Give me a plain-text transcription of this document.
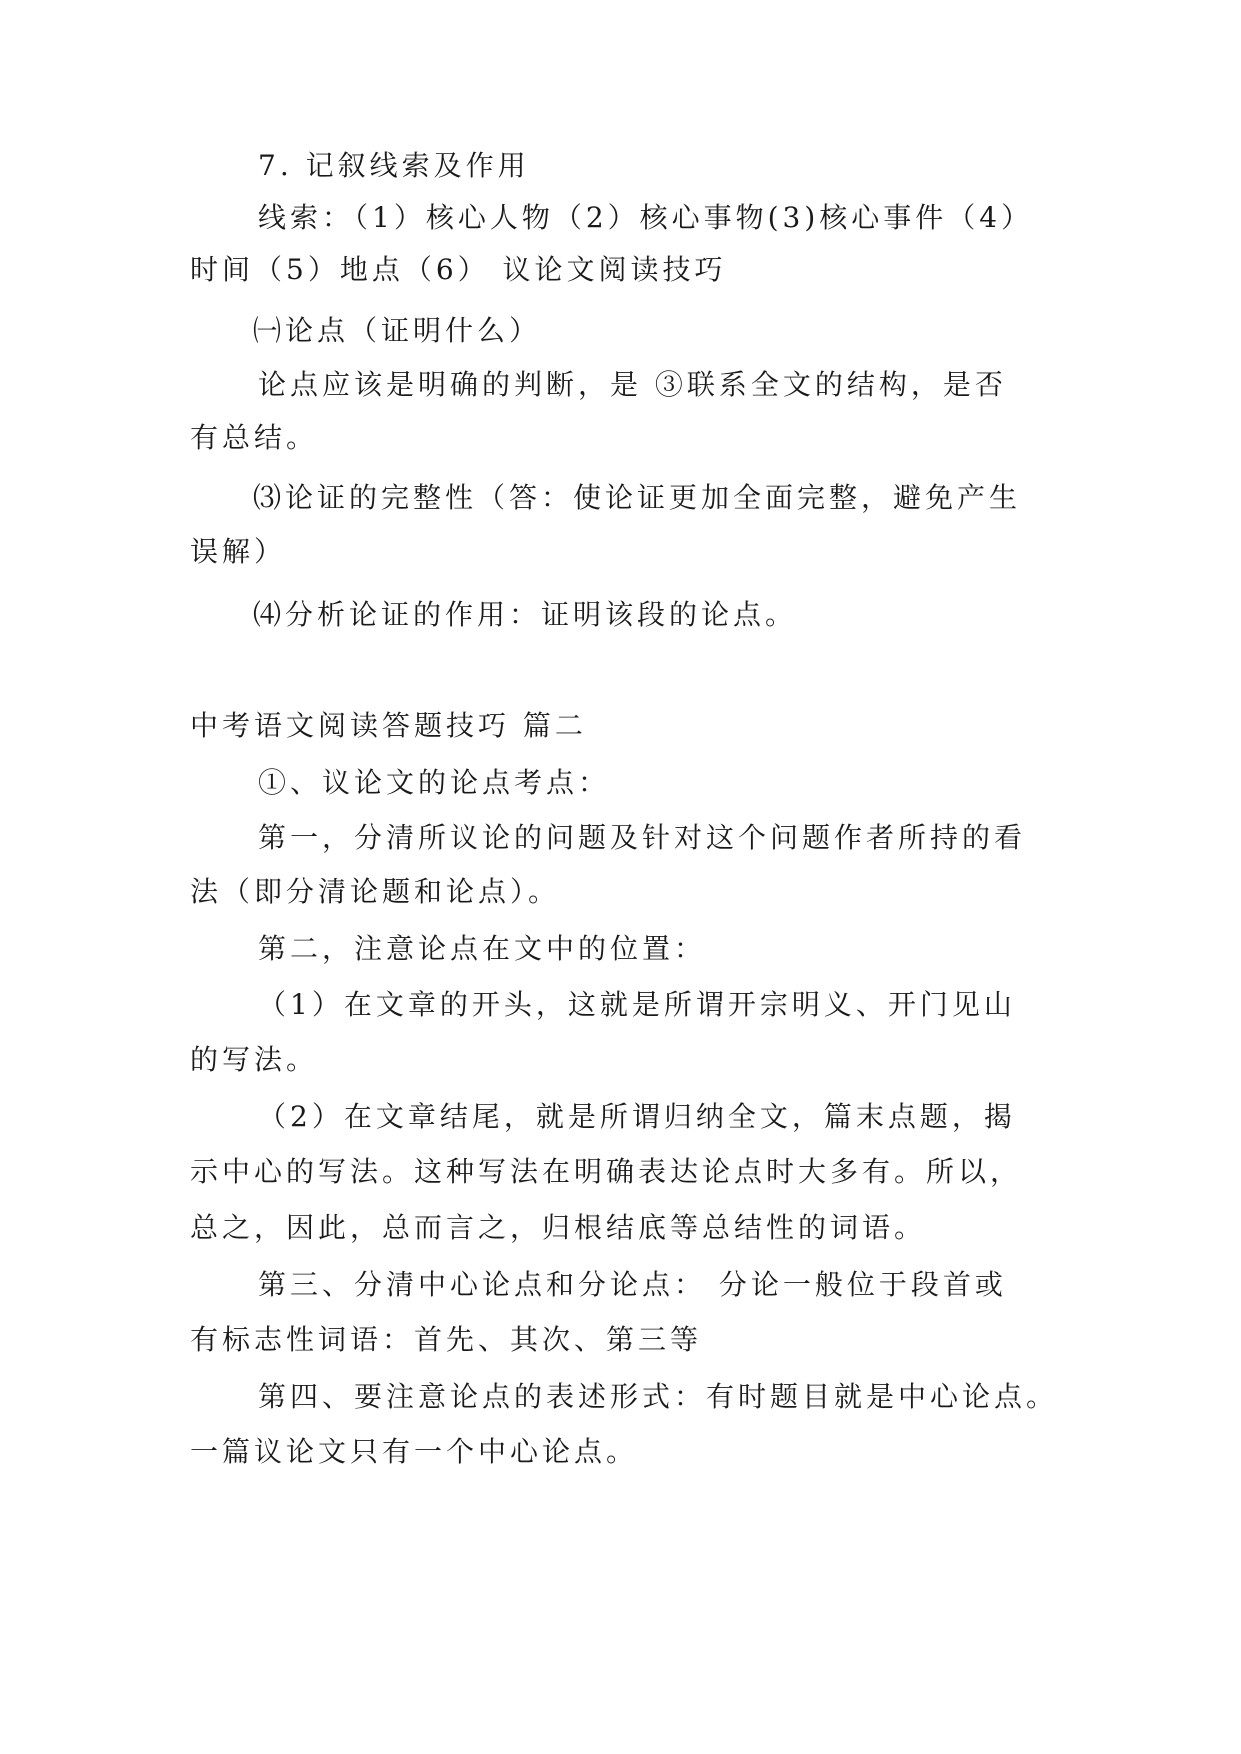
7. 记叙线索及作用
线索：（1）核心人物（2）核心事物(3)核心事件（4）
时间（5）地点（6） 议论文阅读技巧
㈠论点（证明什么）
论点应该是明确的判断，是 ③联系全文的结构，是否
有总结。
⑶论证的完整性（答：使论证更加全面完整，避免产生
误解）
⑷分析论证的作用：证明该段的论点。
中考语文阅读答题技巧 篇二
①、议论文的论点考点：
第一，分清所议论的问题及针对这个问题作者所持的看
法（即分清论题和论点）。
第二，注意论点在文中的位置：
（1）在文章的开头，这就是所谓开宗明义、开门见山
的写法。
（2）在文章结尾，就是所谓归纳全文，篇末点题，揭
示中心的写法。这种写法在明确表达论点时大多有。所以，
总之，因此，总而言之，归根结底等总结性的词语。
第三、分清中心论点和分论点： 分论一般位于段首或
有标志性词语：首先、其次、第三等
第四、要注意论点的表述形式：有时题目就是中心论点。
一篇议论文只有一个中心论点。
